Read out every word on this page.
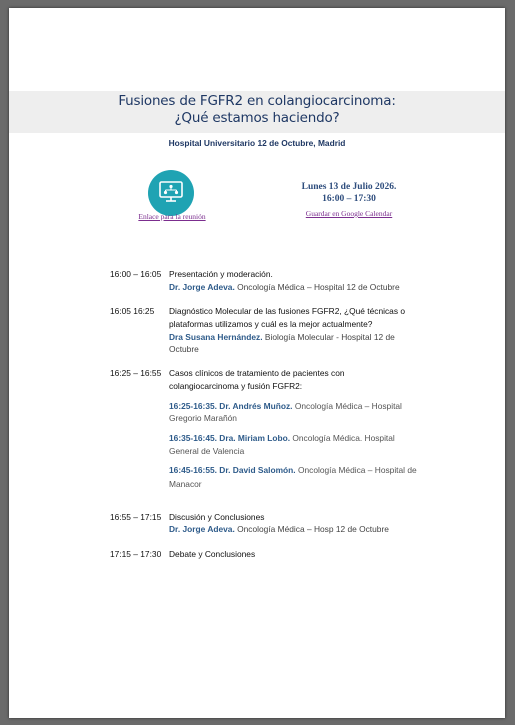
Fusiones de FGFR2 en colangiocarcinoma:
¿Qué estamos haciendo?
Hospital Universitario 12 de Octubre, Madrid
Enlace para la reunión
Lunes 13 de Julio 2026.
16:00 – 17:30
Guardar en Google Calendar
16:00 – 16:05 Presentación y moderación.
Dr. Jorge Adeva. Oncología Médica – Hospital 12 de Octubre
16:05 16:25 Diagnóstico Molecular de las fusiones FGFR2, ¿Qué técnicas o
plataformas utilizamos y cuál es la mejor actualmente?
Dra Susana Hernández. Biología Molecular - Hospital 12 de
Octubre
16:25 – 16:55 Casos clínicos de tratamiento de pacientes con
colangiocarcinoma y fusión FGFR2:
16:25-16:35. Dr. Andrés Muñoz. Oncología Médica – Hospital
Gregorio Marañón
16:35-16:45. Dra. Miriam Lobo. Oncología Médica. Hospital
General de Valencia
16:45-16:55. Dr. David Salomón. Oncología Médica – Hospital de
Manacor
16:55 – 17:15 Discusión y Conclusiones
Dr. Jorge Adeva. Oncología Médica – Hosp 12 de Octubre
17:15 – 17:30 Debate y Conclusiones
